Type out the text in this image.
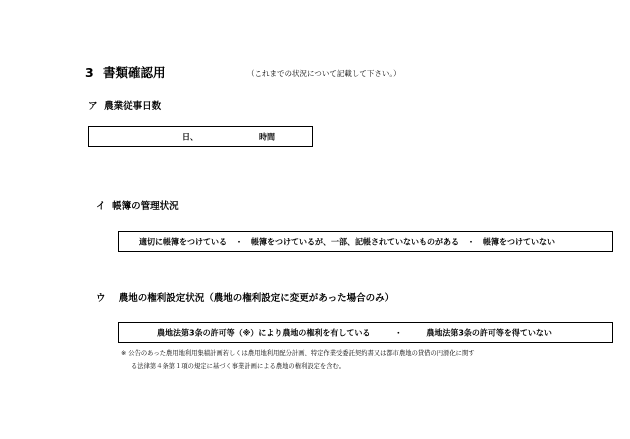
3 書類確認用	（これまでの状況について記載して下さい。）
ア 農業従事日数
日、	時間
イ 帳簿の管理状況
適切に帳簿をつけている　・　帳簿をつけているが、一部、記帳されていないものがある　・　帳簿をつけていない
ウ 農地の権利設定状況（農地の権利設定に変更があった場合のみ）
農地法第3条の許可等（※）により農地の権利を有している　　　・　　　農地法第3条の許可等を得ていない
※ 公告のあった農用地利用集積計画若しくは農用地利用配分計画、特定作業受委託契約書又は都市農地の貸借の円滑化に関す
る法律第４条第１項の規定に基づく事業計画による農地の権利設定を含む。
